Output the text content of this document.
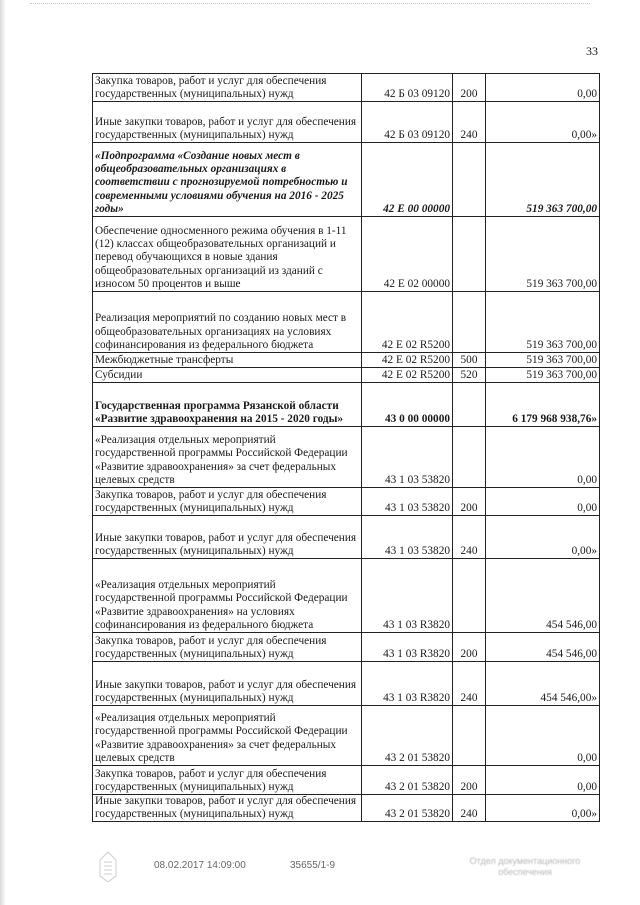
33
Закупка товаров, работ и услуг для обеспечения государственных (муниципальных) нужд	42 Б 03 09120	200	0,00
Иные закупки товаров, работ и услуг для обеспечения государственных (муниципальных) нужд	42 Б 03 09120	240	0,00»
«Подпрограмма «Создание новых мест в общеобразовательных организациях в соответствии с прогнозируемой потребностью и современными условиями обучения на 2016 - 2025 годы»	42 Е 00 00000		519 363 700,00
Обеспечение односменного режима обучения в 1-11 (12) классах общеобразовательных организаций и перевод обучающихся в новые здания общеобразовательных организаций из зданий с износом 50 процентов и выше	42 Е 02 00000		519 363 700,00
Реализация мероприятий по созданию новых мест в общеобразовательных организациях на условиях софинансирования из федерального бюджета	42 Е 02 R5200		519 363 700,00
Межбюджетные трансферты	42 Е 02 R5200	500	519 363 700,00
Субсидии	42 Е 02 R5200	520	519 363 700,00
Государственная программа Рязанской области «Развитие здравоохранения на 2015 - 2020 годы»	43 0 00 00000		6 179 968 938,76»
«Реализация отдельных мероприятий государственной программы Российской Федерации «Развитие здравоохранения» за счет федеральных целевых средств	43 1 03 53820		0,00
Закупка товаров, работ и услуг для обеспечения государственных (муниципальных) нужд	43 1 03 53820	200	0,00
Иные закупки товаров, работ и услуг для обеспечения государственных (муниципальных) нужд	43 1 03 53820	240	0,00»
«Реализация отдельных мероприятий государственной программы Российской Федерации «Развитие здравоохранения» на условиях софинансирования из федерального бюджета	43 1 03 R3820		454 546,00
Закупка товаров, работ и услуг для обеспечения государственных (муниципальных) нужд	43 1 03 R3820	200	454 546,00
Иные закупки товаров, работ и услуг для обеспечения государственных (муниципальных) нужд	43 1 03 R3820	240	454 546,00»
«Реализация отдельных мероприятий государственной программы Российской Федерации «Развитие здравоохранения» за счет федеральных целевых средств	43 2 01 53820		0,00
Закупка товаров, работ и услуг для обеспечения государственных (муниципальных) нужд	43 2 01 53820	200	0,00
Иные закупки товаров, работ и услуг для обеспечения государственных (муниципальных) нужд	43 2 01 53820	240	0,00»
08.02.2017 14:09:00	35655/1-9	Отдел документационного обеспечения
